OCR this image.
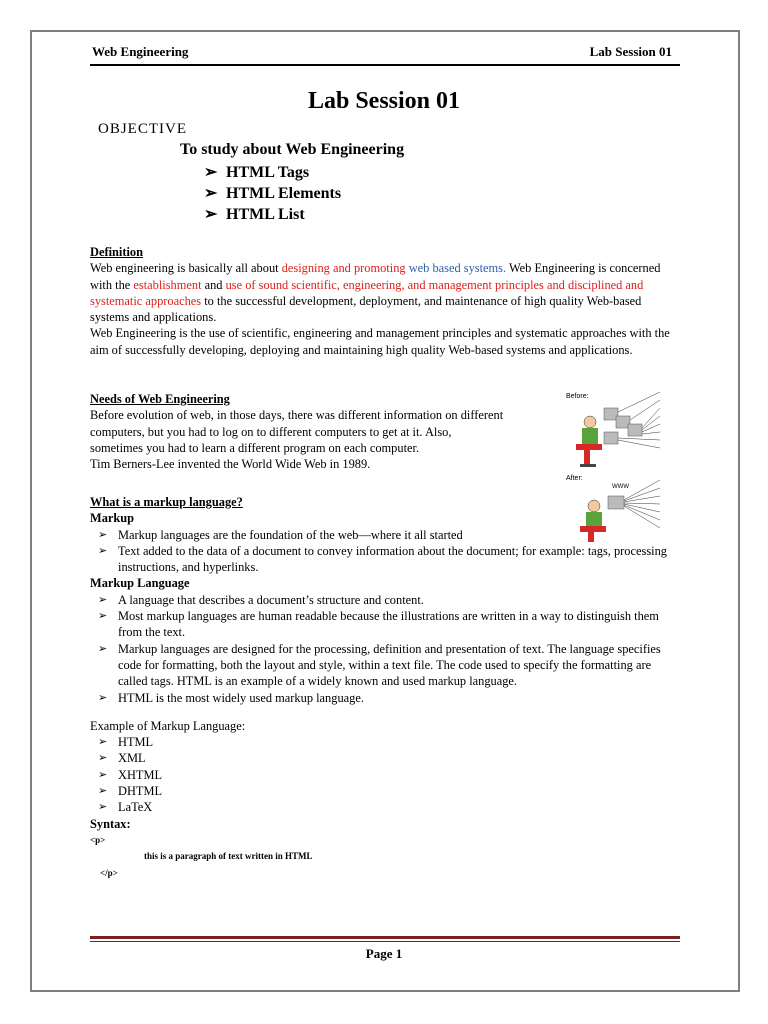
Web Engineering	Lab Session 01
Lab Session 01
OBJECTIVE
To study about Web Engineering
➢ HTML Tags
➢ HTML Elements
➢ HTML List

Definition

Web engineering is basically all about designing and promoting web based systems. Web Engineering is concerned with the establishment and use of sound scientific, engineering, and management principles and disciplined and systematic approaches to the successful development, deployment, and maintenance of high quality Web-based systems and applications.

Web Engineering is the use of scientific, engineering and management principles and systematic approaches with the aim of successfully developing, deploying and maintaining high quality Web-based systems and applications.

Needs of Web Engineering

Before evolution of web, in those days, there was different information on different

computers, but you had to log on to different computers to get at it. Also,

sometimes you had to learn a different program on each computer.

Tim Berners-Lee invented the World Wide Web in 1989.

Before:
After:
WWW

What is a markup language?

Markup

➢ Markup languages are the foundation of the web—where it all started
➢ Text added to the data of a document to convey information about the document; for example: tags, processing instructions, and hyperlinks.

Markup Language

➢ A language that describes a document’s structure and content.
➢ Most markup languages are human readable because the illustrations are written in a way to distinguish them from the text.
➢ Markup languages are designed for the processing, definition and presentation of text. The language specifies code for formatting, both the layout and style, within a text file. The code used to specify the formatting are called tags. HTML is an example of a widely known and used markup language.
➢ HTML is the most widely used markup language.

Example of Markup Language:

➢ HTML
➢ XML
➢ XHTML
➢ DHTML
➢ LaTeX

Syntax:

<p>

this is a paragraph of text written in HTML

</p>

Page 1
